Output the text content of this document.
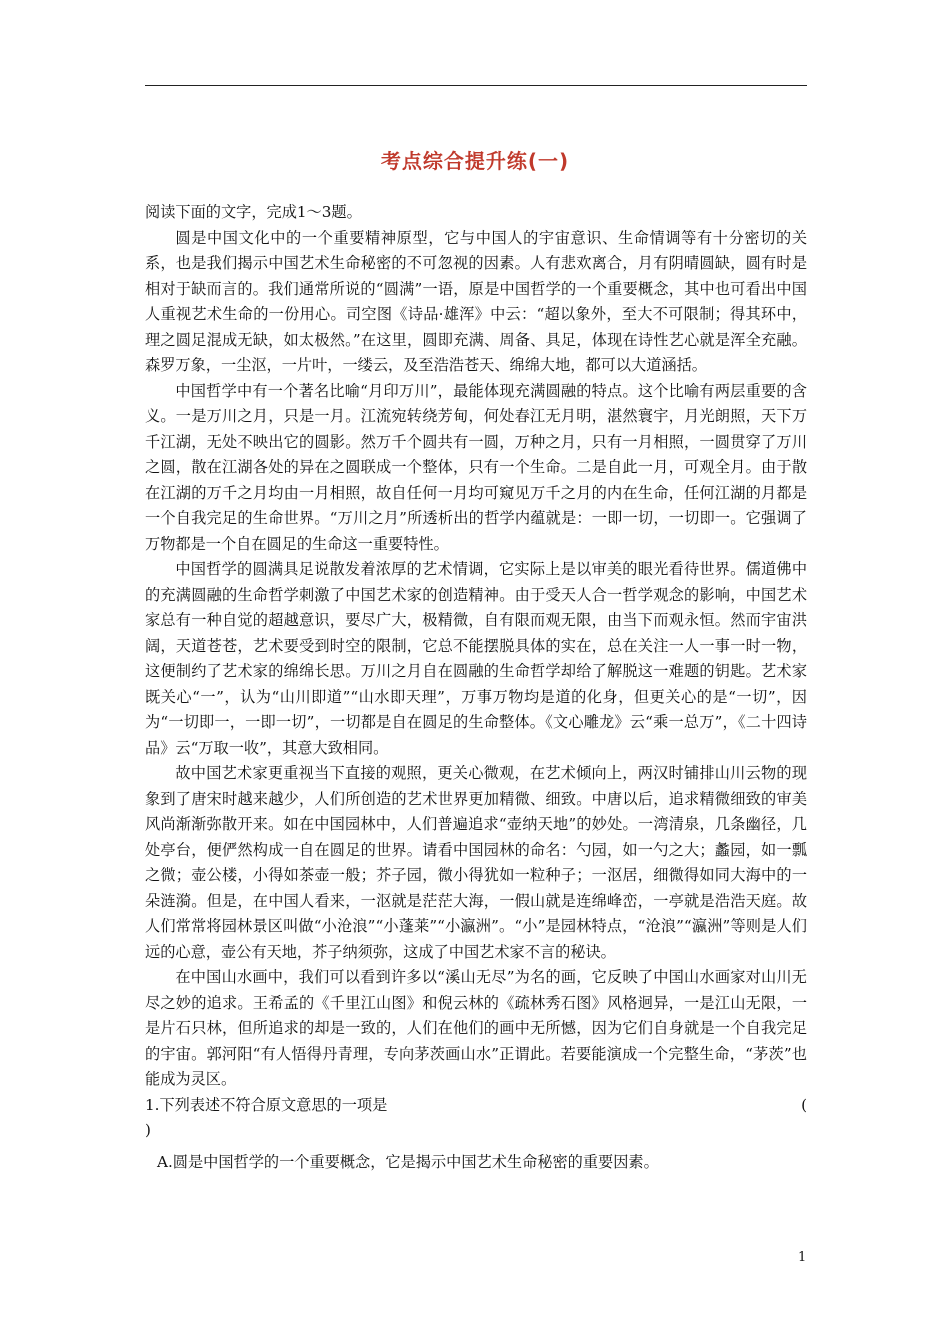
考点综合提升练(一)

阅读下面的文字，完成1～3题。

圆是中国文化中的一个重要精神原型，它与中国人的宇宙意识、生命情调等有十分密切的关系，也是我们揭示中国艺术生命秘密的不可忽视的因素。人有悲欢离合，月有阴晴圆缺，圆有时是相对于缺而言的。我们通常所说的“圆满”一语，原是中国哲学的一个重要概念，其中也可看出中国人重视艺术生命的一份用心。司空图《诗品·雄浑》中云：“超以象外，至大不可限制；得其环中，理之圆足混成无缺，如太极然。”在这里，圆即充满、周备、具足，体现在诗性艺心就是浑全充融。森罗万象，一尘沤，一片叶，一缕云，及至浩浩苍天、绵绵大地，都可以大道涵括。

中国哲学中有一个著名比喻“月印万川”，最能体现充满圆融的特点。这个比喻有两层重要的含义。一是万川之月，只是一月。江流宛转绕芳甸，何处春江无月明，湛然寰宇，月光朗照，天下万千江湖，无处不映出它的圆影。然万千个圆共有一圆，万种之月，只有一月相照，一圆贯穿了万川之圆，散在江湖各处的异在之圆联成一个整体，只有一个生命。二是自此一月，可观全月。由于散在江湖的万千之月均由一月相照，故自任何一月均可窥见万千之月的内在生命，任何江湖的月都是一个自我完足的生命世界。“万川之月”所透析出的哲学内蕴就是：一即一切，一切即一。它强调了万物都是一个自在圆足的生命这一重要特性。

中国哲学的圆满具足说散发着浓厚的艺术情调，它实际上是以审美的眼光看待世界。儒道佛中的充满圆融的生命哲学刺激了中国艺术家的创造精神。由于受天人合一哲学观念的影响，中国艺术家总有一种自觉的超越意识，要尽广大，极精微，自有限而观无限，由当下而观永恒。然而宇宙洪阔，天道苍苍，艺术要受到时空的限制，它总不能摆脱具体的实在，总在关注一人一事一时一物，这便制约了艺术家的绵绵长思。万川之月自在圆融的生命哲学却给了解脱这一难题的钥匙。艺术家既关心“一”，认为“山川即道”“山水即天理”，万事万物均是道的化身，但更关心的是“一切”，因为“一切即一，一即一切”，一切都是自在圆足的生命整体。《文心雕龙》云“乘一总万”，《二十四诗品》云“万取一收”，其意大致相同。

故中国艺术家更重视当下直接的观照，更关心微观，在艺术倾向上，两汉时铺排山川云物的现象到了唐宋时越来越少，人们所创造的艺术世界更加精微、细致。中唐以后，追求精微细致的审美风尚渐渐弥散开来。如在中国园林中，人们普遍追求“壶纳天地”的妙处。一湾清泉，几条幽径，几处亭台，便俨然构成一自在圆足的世界。请看中国园林的命名：勺园，如一勺之大；蠡园，如一瓢之微；壶公楼，小得如茶壶一般；芥子园，微小得犹如一粒种子；一沤居，细微得如同大海中的一朵涟漪。但是，在中国人看来，一沤就是茫茫大海，一假山就是连绵峰峦，一亭就是浩浩天庭。故人们常常将园林景区叫做“小沧浪”“小蓬莱”“小瀛洲”。“小”是园林特点，“沧浪”“瀛洲”等则是人们远的心意，壶公有天地，芥子纳须弥，这成了中国艺术家不言的秘诀。

在中国山水画中，我们可以看到许多以“溪山无尽”为名的画，它反映了中国山水画家对山川无尽之妙的追求。王希孟的《千里江山图》和倪云林的《疏林秀石图》风格迥异，一是江山无限，一是片石只林，但所追求的却是一致的，人们在他们的画中无所憾，因为它们自身就是一个自我完足的宇宙。郭河阳“有人悟得丹青理，专向茅茨画山水”正谓此。若要能演成一个完整生命，“茅茨”也能成为灵区。

1.下列表述不符合原文意思的一项是	(
)

A.圆是中国哲学的一个重要概念，它是揭示中国艺术生命秘密的重要因素。

1
